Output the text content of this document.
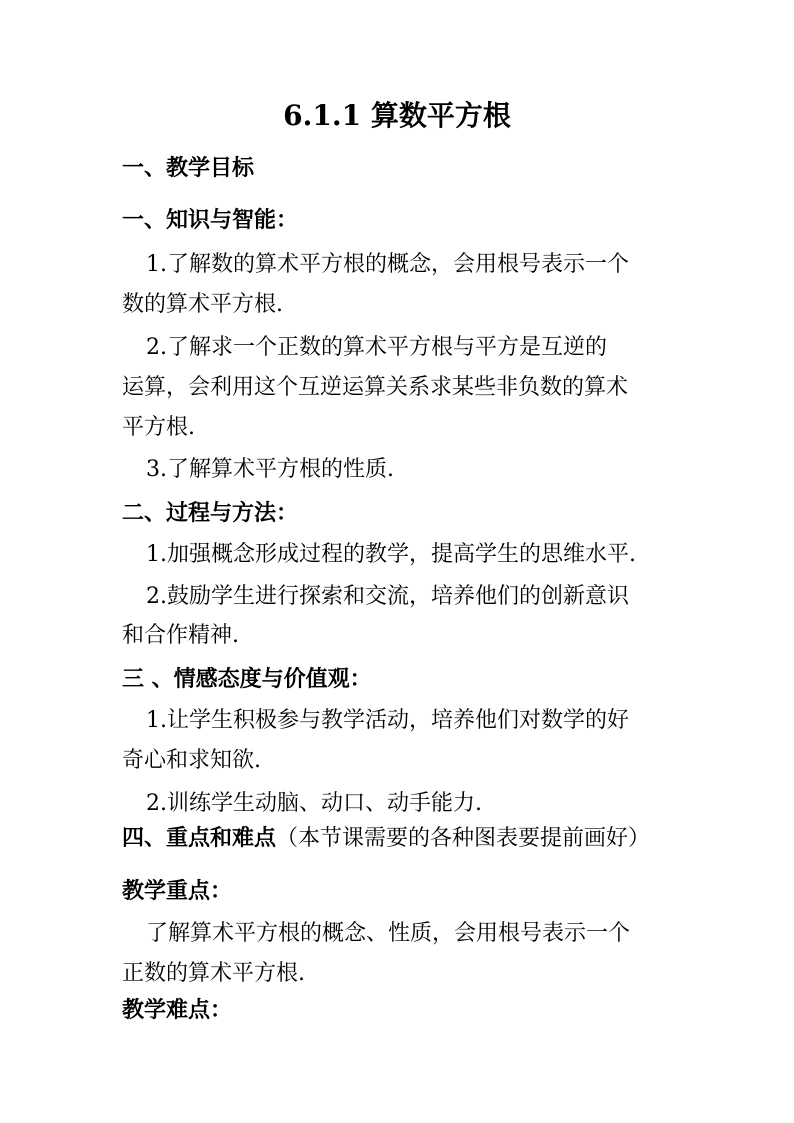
6.1.1 算数平方根
一、教学目标
一、知识与智能：
1.了解数的算术平方根的概念，会用根号表示一个
数的算术平方根.
2.了解求一个正数的算术平方根与平方是互逆的
运算，会利用这个互逆运算关系求某些非负数的算术
平方根.
3.了解算术平方根的性质.
二、过程与方法：
1.加强概念形成过程的教学，提高学生的思维水平.
2.鼓励学生进行探索和交流，培养他们的创新意识
和合作精神.
三 、情感态度与价值观：
1.让学生积极参与教学活动，培养他们对数学的好
奇心和求知欲.
2.训练学生动脑、动口、动手能力.
四、重点和难点（本节课需要的各种图表要提前画好）
教学重点：
了解算术平方根的概念、性质，会用根号表示一个
正数的算术平方根.
教学难点：
